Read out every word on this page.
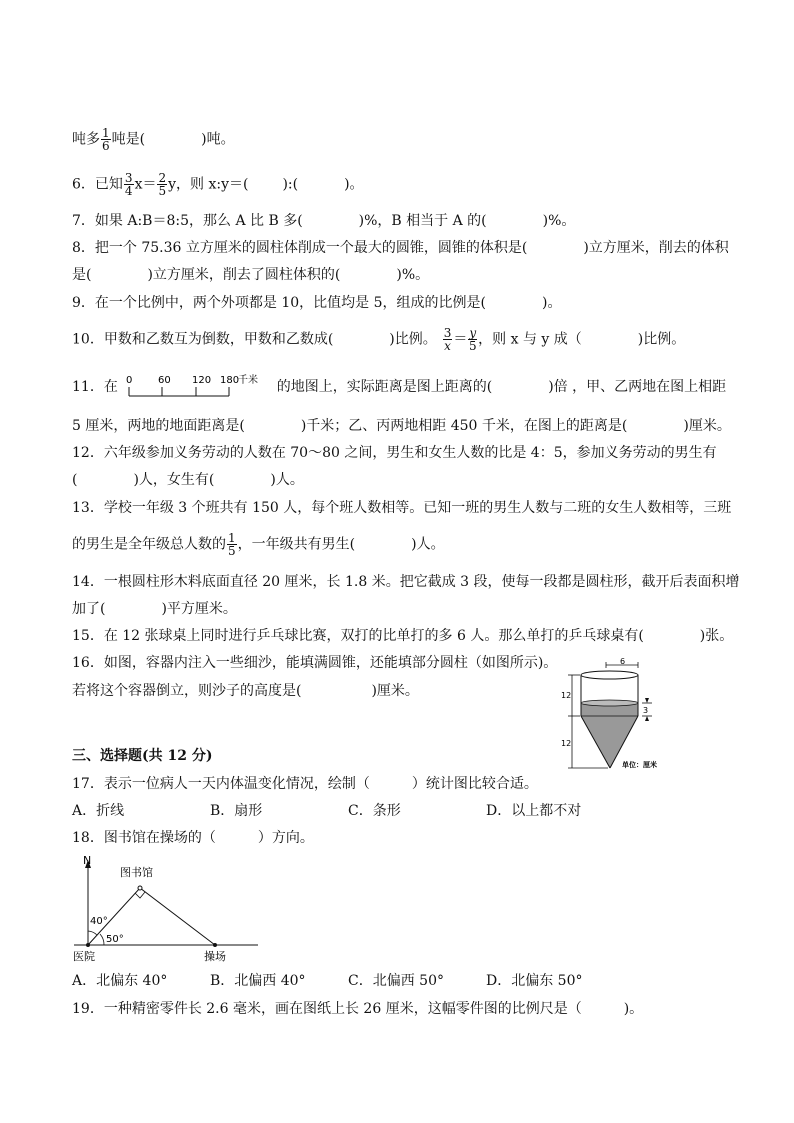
吨多 $\frac{1}{6}$ 吨是(	)吨。
6．已知 $\frac{3}{4} x= \frac{2}{5}$ y，则 x:y＝( ):(	)。
7．如果 A:B＝8:5，那么 A 比 B 多(　　　　)%，B 相当于 A 的(　　　　)%。
8．把一个 75.36 立方厘米的圆柱体削成一个最大的圆锥，圆锥的体积是(　　　　)立方厘米，削去的体积
是(　　　　)立方厘米，削去了圆柱体积的(　　　　)%。
9．在一个比例中，两个外项都是 10，比值均是 5，组成的比例是(　　　　)。
10．甲数和乙数互为倒数，甲数和乙数成(　　　　)比例。 $\frac{3}{x} = \frac{y}{5}$ ，则 x 与 y 成（　　　　)比例。
11．在 0	60 120 180
千米 的地图上，实际距离是图上距离的(　　　　)倍 ，甲、乙两地在图上相距
5 厘米，两地的地面距离是(　　　　)千米；乙、丙两地相距 450 千米，在图上的距离是(　　　　)厘米。
12．六年级参加义务劳动的人数在 70～80 之间，男生和女生人数的比是 4：5，参加义务劳动的男生有
(　　　　)人，女生有(　　　　)人。
13．学校一年级 3 个班共有 150 人，每个班人数相等。已知一班的男生人数与二班的女生人数相等，三班
的男生是全年级总人数的 $\frac{1}{5}$ ，一年级共有男生(　　　　)人。
14．一根圆柱形木料底面直径 20 厘米，长 1.8 米。把它截成 3 段，使每一段都是圆柱形，截开后表面积增
加了(　　　　)平方厘米。
15．在 12 张球桌上同时进行乒乓球比赛，双打的比单打的多 6 人。那么单打的乒乓球桌有(　　　　)张。
16．如图，容器内注入一些细沙，能填满圆锥，还能填部分圆柱（如图所示)。
若将这个容器倒立，则沙子的高度是(　　　　　)厘米。
6
12
12
3
单位：厘米
三、选择题(共 12 分)
17．表示一位病人一天内体温变化情况，绘制（　　　）统计图比较合适。
A．折线	B．扇形	C．条形	D．以上都不对
18．图书馆在操场的（　　　）方向。
N
图书馆
40°
50°
医院	操场
A．北偏东 40°	B．北偏西 40°	C．北偏西 50°	D．北偏东 50°
19．一种精密零件长 2.6 毫米，画在图纸上长 26 厘米，这幅零件图的比例尺是（　　　)。
